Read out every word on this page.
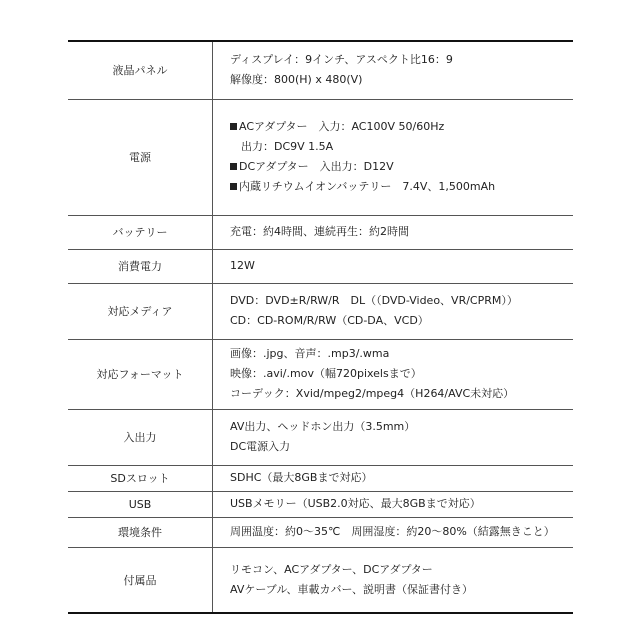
液晶パネル	ディスプレイ：9インチ、アスペクト比16：9
解像度：800(H) x 480(V)

電源	ACアダプター　入力：AC100V 50/60Hz
出力：DC9V 1.5A
DCアダプター　入出力：D12V
内蔵リチウムイオンバッテリー　7.4V、1,500mAh

バッテリー	充電：約4時間、連続再生：約2時間

消費電力	12W

対応メディア	DVD：DVD±R/RW/R　DL（（DVD-Video、VR/CPRM））
CD：CD-ROM/R/RW（CD-DA、VCD）

対応フォーマット	画像：.jpg、音声：.mp3/.wma
映像：.avi/.mov（幅720pixelsまで）
コーデック：Xvid/mpeg2/mpeg4（H264/AVC未対応）

入出力	AV出力、ヘッドホン出力（3.5mm）
DC電源入力

SDスロット	SDHC（最大8GBまで対応）

USB	USBメモリー（USB2.0対応、最大8GBまで対応）

環境条件	周囲温度：約0～35℃　周囲湿度：約20～80%（結露無きこと）

付属品	リモコン、ACアダプター、DCアダプター
AVケーブル、車載カバー、説明書（保証書付き）
